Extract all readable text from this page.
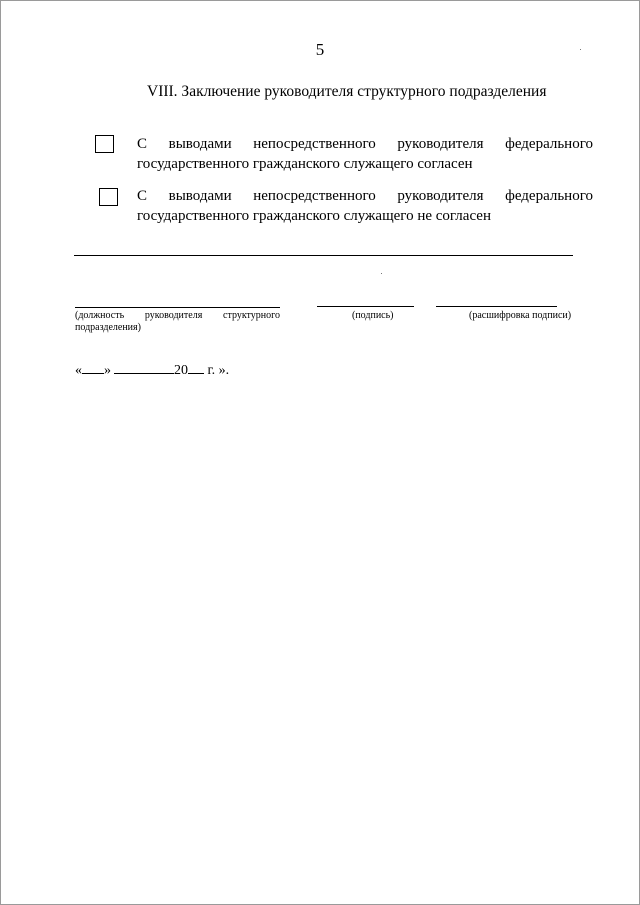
5
VIII. Заключение руководителя структурного подразделения
С выводами непосредственного руководителя федерального
государственного гражданского служащего согласен
С выводами непосредственного руководителя федерального
государственного гражданского служащего не согласен
(должность руководителя структурного
подразделения)
(подпись)	(расшифровка подписи)
« »	20 г. ».
